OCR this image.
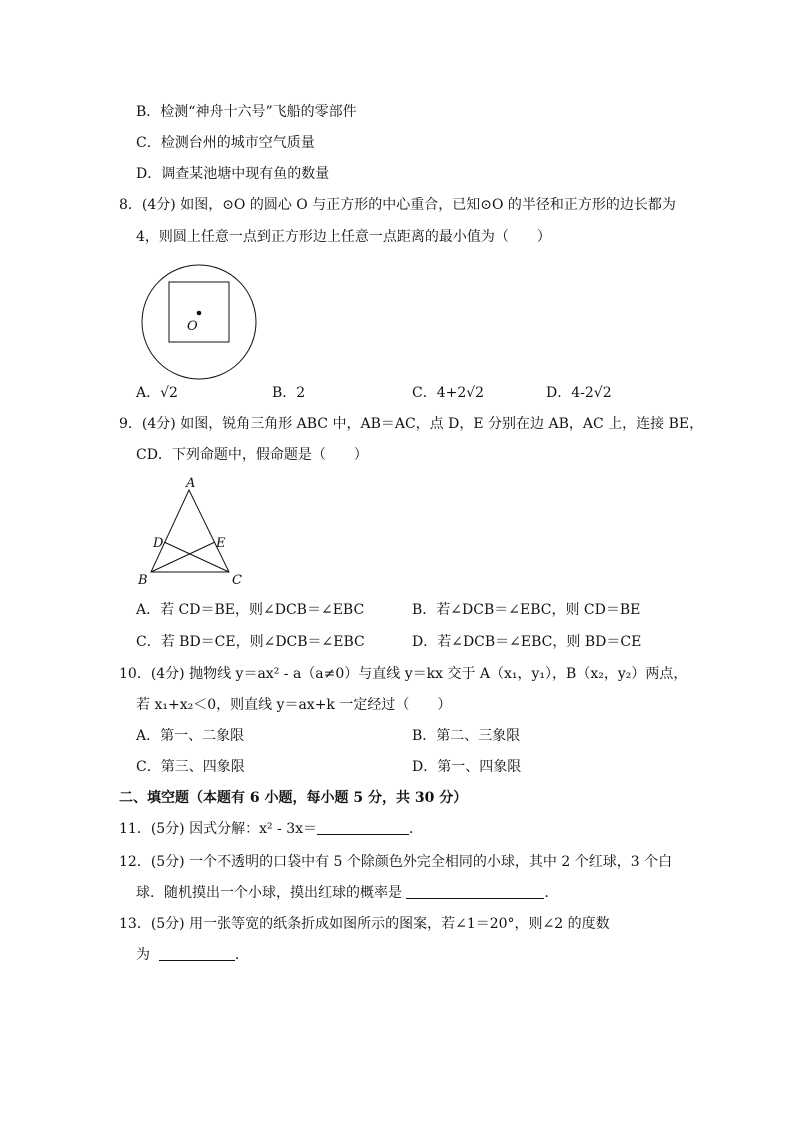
B．检测“神舟十六号”飞船的零部件
C．检测台州的城市空气质量
D．调查某池塘中现有鱼的数量
8．(4分) 如图，⊙O 的圆心 O 与正方形的中心重合，已知⊙O 的半径和正方形的边长都为
4，则圆上任意一点到正方形边上任意一点距离的最小值为（　　）
O
A．√2	B．2	C．4+2√2	D．4-2√2
9．(4分) 如图，锐角三角形 ABC 中，AB＝AC，点 D，E 分别在边 AB，AC 上，连接 BE，
CD．下列命题中，假命题是（　　）
A
B	C
D	E
A．若 CD＝BE，则∠DCB＝∠EBC	B．若∠DCB＝∠EBC，则 CD＝BE
C．若 BD＝CE，则∠DCB＝∠EBC	D．若∠DCB＝∠EBC，则 BD＝CE
10．(4分) 抛物线 y＝ax² - a（a≠0）与直线 y＝kx 交于 A（x₁，y₁），B（x₂，y₂）两点，
若 x₁+x₂＜0，则直线 y＝ax+k 一定经过（　　）
A．第一、二象限	B．第二、三象限
C．第三、四象限	D．第一、四象限
二、填空题（本题有 6 小题，每小题 5 分，共 30 分）
11．(5分) 因式分解：x² - 3x＝	．
12．(5分) 一个不透明的口袋中有 5 个除颜色外完全相同的小球，其中 2 个红球，3 个白
球．随机摸出一个小球，摸出红球的概率是	．
13．(5分) 用一张等宽的纸条折成如图所示的图案，若∠1＝20°，则∠2 的度数
为	．
